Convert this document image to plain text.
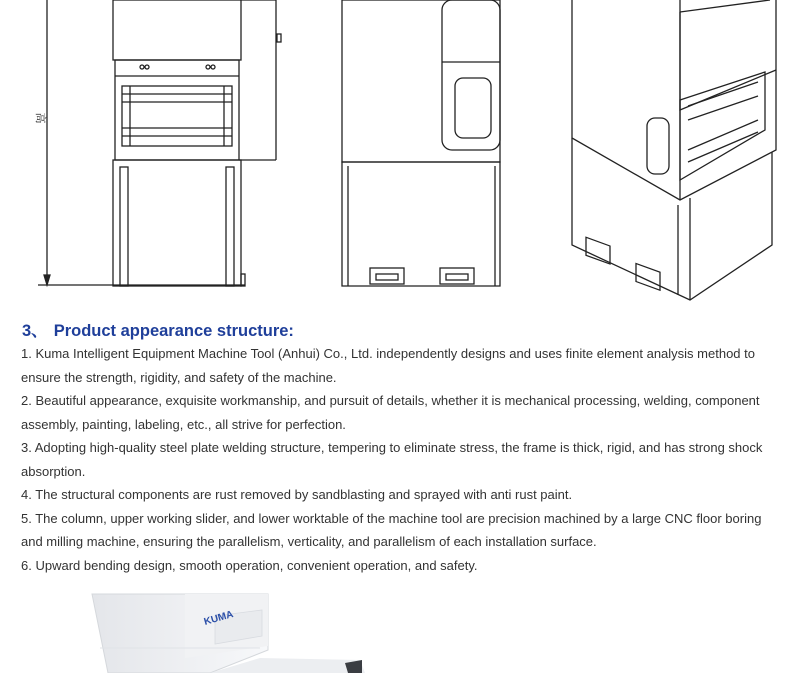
高
3、 Product appearance structure:
1. Kuma Intelligent Equipment Machine Tool (Anhui) Co., Ltd. independently designs and uses finite element analysis method to ensure the strength, rigidity, and safety of the machine.
2. Beautiful appearance, exquisite workmanship, and pursuit of details, whether it is mechanical processing, welding, component assembly, painting, labeling, etc., all strive for perfection.
3. Adopting high-quality steel plate welding structure, tempering to eliminate stress, the frame is thick, rigid, and has strong shock absorption.
4. The structural components are rust removed by sandblasting and sprayed with anti rust paint.
5. The column, upper working slider, and lower worktable of the machine tool are precision machined by a large CNC floor boring and milling machine, ensuring the parallelism, verticality, and parallelism of each installation surface.
6. Upward bending design, smooth operation, convenient operation, and safety.
KUMA
